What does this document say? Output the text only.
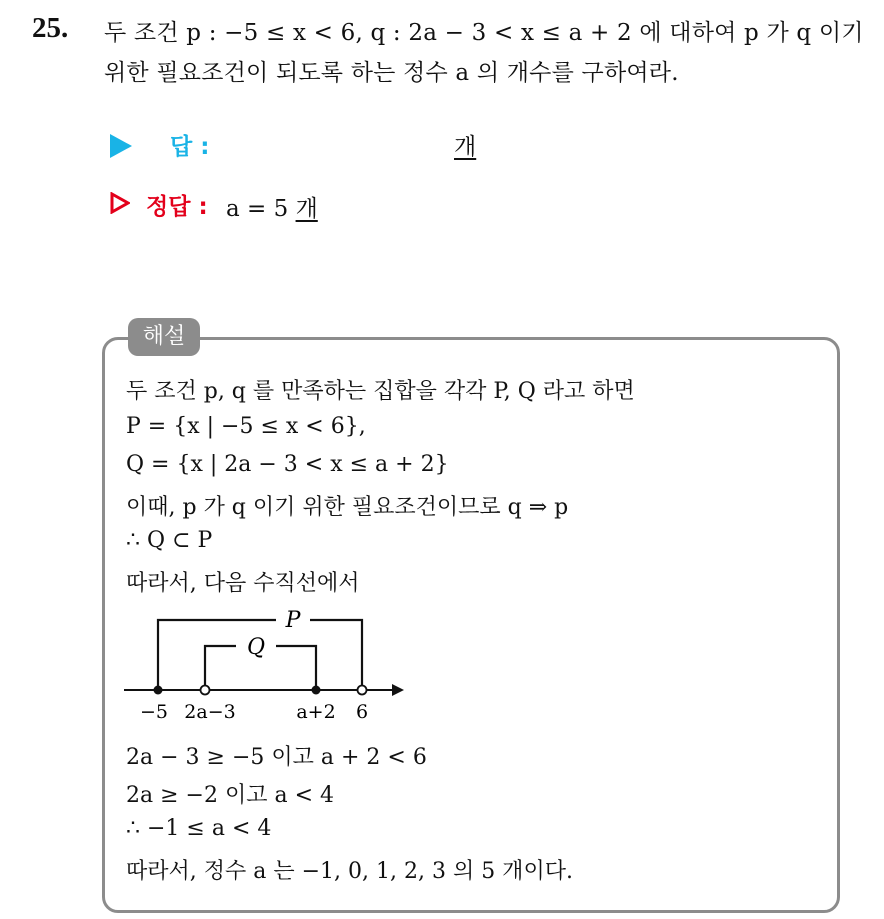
25. 두 조건 p : −5 ≤ x < 6, q : 2a − 3 < x ≤ a + 2 에 대하여 p 가 q 이기
위한 필요조건이 되도록 하는 정수 a 의 개수를 구하여라.
답 :	개
정답 : a = 5 개
해설
두 조건 p, q 를 만족하는 집합을 각각 P, Q 라고 하면
P = {x | −5 ≤ x < 6},
Q = {x | 2a − 3 < x ≤ a + 2}
이때, p 가 q 이기 위한 필요조건이므로 q ⇒ p
∴ Q ⊂ P
따라서, 다음 수직선에서
P
Q
−5 2a−3	a+2 6
2a − 3 ≥ −5 이고 a + 2 < 6
2a ≥ −2 이고 a < 4
∴ −1 ≤ a < 4
따라서, 정수 a 는 −1, 0, 1, 2, 3 의 5 개이다.
